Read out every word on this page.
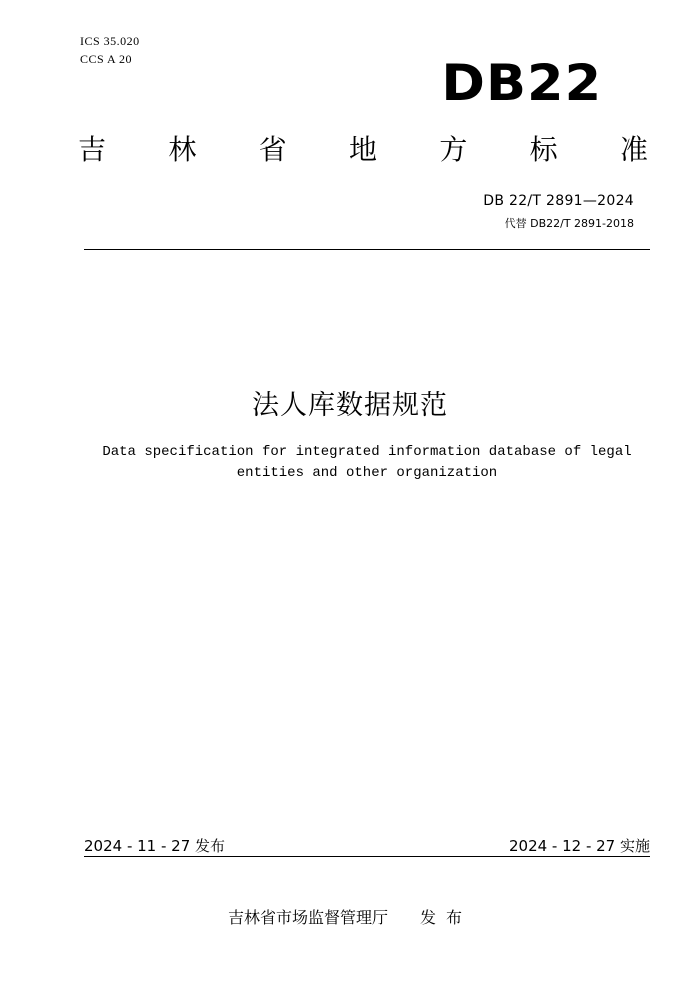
ICS 35.020
CCS A 20	DB22
吉 林 省 地 方 标 准
DB 22/T 2891—2024
代替 DB22/T 2891-2018
法人库数据规范
Data specification for integrated information database of legal entities and other organization
2024 - 11 - 27 发布	2024 - 12 - 27 实施
吉林省市场监督管理厅 发布
